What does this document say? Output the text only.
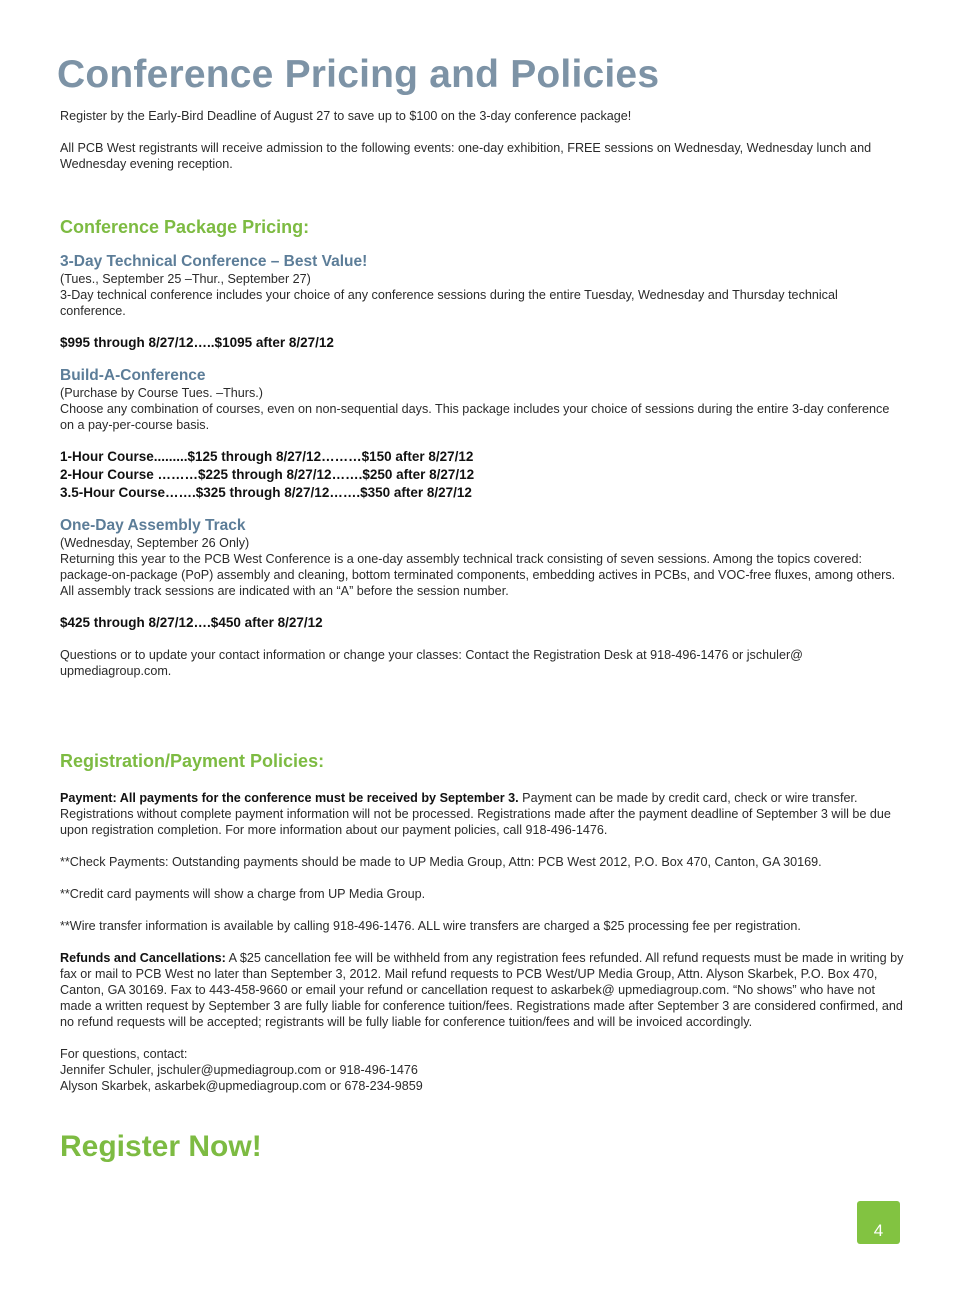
Conference Pricing and Policies

Register by the Early-Bird Deadline of August 27 to save up to $100 on the 3-day conference package!

All PCB West registrants will receive admission to the following events: one-day exhibition, FREE sessions on Wednesday, Wednesday lunch and Wednesday evening reception.

Conference Package Pricing:

3-Day Technical Conference – Best Value!

(Tues., September 25 –Thur., September 27)

3-Day technical conference includes your choice of any conference sessions during the entire Tuesday, Wednesday and Thursday technical conference.

$995 through 8/27/12…..$1095 after 8/27/12

Build-A-Conference

(Purchase by Course Tues. –Thurs.)

Choose any combination of courses, even on non-sequential days. This package includes your choice of sessions during the entire 3-day conference on a pay-per-course basis.

1-Hour Course.........$125 through 8/27/12………$150 after 8/27/12

2-Hour Course ………$225 through 8/27/12…….$250 after 8/27/12

3.5-Hour Course…….$325 through 8/27/12…….$350 after 8/27/12

One-Day Assembly Track

(Wednesday, September 26 Only)

Returning this year to the PCB West Conference is a one-day assembly technical track consisting of seven sessions. Among the topics covered: package-on-package (PoP) assembly and cleaning, bottom terminated components, embedding actives in PCBs, and VOC-free fluxes, among others. All assembly track sessions are indicated with an “A” before the session number.

$425 through 8/27/12….$450 after 8/27/12

Questions or to update your contact information or change your classes: Contact the Registration Desk at 918-496-1476 or jschuler@ upmediagroup.com.

Registration/Payment Policies:

Payment: All payments for the conference must be received by September 3. Payment can be made by credit card, check or wire transfer. Registrations without complete payment information will not be processed. Registrations made after the payment deadline of September 3 will be due upon registration completion. For more information about our payment policies, call 918-496-1476.

**Check Payments: Outstanding payments should be made to UP Media Group, Attn: PCB West 2012, P.O. Box 470, Canton, GA 30169.

**Credit card payments will show a charge from UP Media Group.

**Wire transfer information is available by calling 918-496-1476. ALL wire transfers are charged a $25 processing fee per registration.

Refunds and Cancellations: A $25 cancellation fee will be withheld from any registration fees refunded. All refund requests must be made in writing by fax or mail to PCB West no later than September 3, 2012. Mail refund requests to PCB West/UP Media Group, Attn. Alyson Skarbek, P.O. Box 470, Canton, GA 30169. Fax to 443-458-9660 or email your refund or cancellation request to askarbek@ upmediagroup.com. “No shows” who have not made a written request by September 3 are fully liable for conference tuition/fees. Registrations made after September 3 are considered confirmed, and no refund requests will be accepted; registrants will be fully liable for conference tuition/fees and will be invoiced accordingly.

For questions, contact:

Jennifer Schuler, jschuler@upmediagroup.com or 918-496-1476

Alyson Skarbek, askarbek@upmediagroup.com or 678-234-9859

Register Now!

4
